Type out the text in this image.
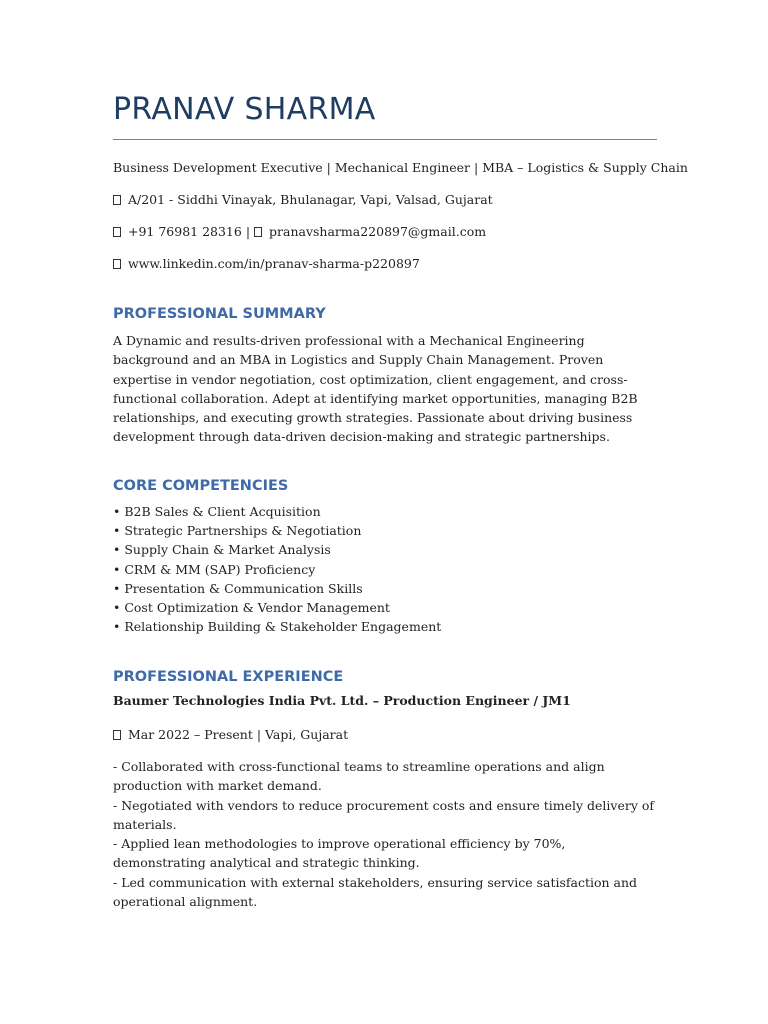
PRANAV SHARMA
Business Development Executive | Mechanical Engineer | MBA – Logistics & Supply Chain
A/201 - Siddhi Vinayak, Bhulanagar, Vapi, Valsad, Gujarat
+91 76981 28316 | pranavsharma220897@gmail.com
www.linkedin.com/in/pranav-sharma-p220897
PROFESSIONAL SUMMARY

A Dynamic and results-driven professional with a Mechanical Engineering background and an MBA in Logistics and Supply Chain Management. Proven expertise in vendor negotiation, cost optimization, client engagement, and cross-functional collaboration. Adept at identifying market opportunities, managing B2B relationships, and executing growth strategies. Passionate about driving business development through data-driven decision-making and strategic partnerships.

CORE COMPETENCIES
• B2B Sales & Client Acquisition
• Strategic Partnerships & Negotiation
• Supply Chain & Market Analysis
• CRM & MM (SAP) Proficiency
• Presentation & Communication Skills
• Cost Optimization & Vendor Management
• Relationship Building & Stakeholder Engagement
PROFESSIONAL EXPERIENCE
Baumer Technologies India Pvt. Ltd. – Production Engineer / JM1
Mar 2022 – Present | Vapi, Gujarat
- Collaborated with cross-functional teams to streamline operations and align production with market demand.
- Negotiated with vendors to reduce procurement costs and ensure timely delivery of materials.
- Applied lean methodologies to improve operational efficiency by 70%, demonstrating analytical and strategic thinking.
- Led communication with external stakeholders, ensuring service satisfaction and operational alignment.
